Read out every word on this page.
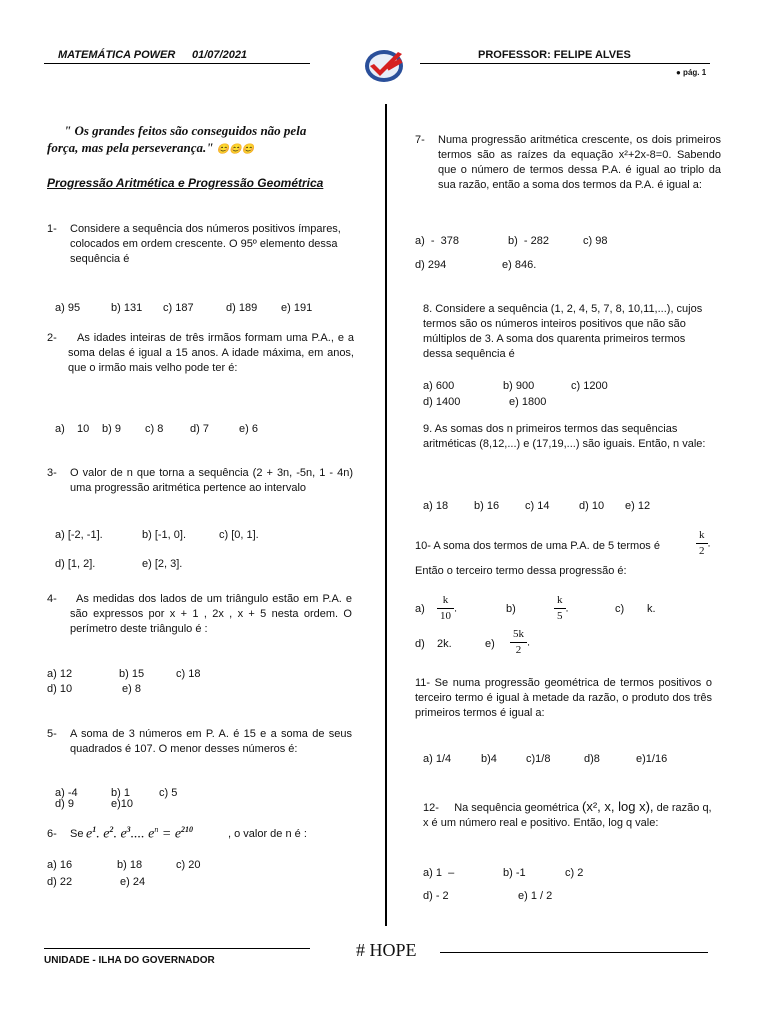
MATEMÁTICA POWER 01/07/2021	PROFESSOR: FELIPE ALVES
● pág. 1
" Os grandes feitos são conseguidos não pela
força, mas pela perseverança." 😊😊😊
Progressão Aritmética e Progressão Geométrica
1- Considere a sequência dos números positivos ímpares, colocados em ordem crescente. O 95º elemento dessa sequência é
a) 95	b) 131 c) 187	d) 189 e) 191
2-	As idades inteiras de três irmãos formam uma P.A., e a soma delas é igual a 15 anos. A idade máxima, em anos, que o irmão mais velho pode ter é:
a)    10 b) 9 c) 8 d) 7	e) 6
3- O valor de n que torna a sequência (2 + 3n, -5n, 1 - 4n) uma progressão aritmética pertence ao intervalo
a) [-2, -1].	b) [-1, 0].	c) [0, 1].
d) [1, 2].	e) [2, 3].
4-	As medidas dos lados de um triângulo estão em P.A. e são expressos por x + 1 , 2x , x + 5 nesta ordem. O perímetro deste triângulo é :
a) 12	b) 15	c) 18
d) 10	e) 8
5- A soma de 3 números em P. A. é 15 e a soma de seus quadrados é 107. O menor desses números é:
a) -4	b) 1	c) 5
d) 9	e)10
6- Se $e^1$. $e^2$. $e^3$.... $e^n = e^{210}$	, o valor de n é :
a) 16	b) 18	c) 20
d) 22	e) 24
7- Numa progressão aritmética crescente, os dois primeiros termos são as raízes da equação x²+2x-8=0. Sabendo que o número de termos dessa P.A. é igual ao triplo da sua razão, então a soma dos termos da P.A. é igual a:
a)  -  378	b)  - 282	c) 98
d) 294	e) 846.
8. Considere a sequência (1, 2, 4, 5, 7, 8, 10,11,...), cujos termos são os números inteiros positivos que não são múltiplos de 3. A soma dos quarenta primeiros termos dessa sequência é
a) 600	b) 900	c) 1200
d) 1400	e) 1800
9. As somas dos n primeiros termos das sequências aritméticas (8,12,...) e (17,19,...) são iguais. Então, n vale:
a) 18 b) 16 c) 14	d) 10 e) 12
10- A soma dos termos de uma P.A. de 5 termos é	$\frac{k}{2}$ .
Então o terceiro termo dessa progressão é:
$a) \frac{k}{10}$ .	b)	$\frac{k}{5}$ .	c) k.
d) 2k.	$e) \frac{5k}{2}$ .
11- Se numa progressão geométrica de termos positivos o terceiro termo é igual à metade da razão, o produto dos três primeiros termos é igual a:
a) 1/4	b)4	c)1/8	d)8	e)1/16
12- Na sequência geométrica (x², x, log x), de razão q, x é um número real e positivo. Então, log q vale:
a) 1  –	b) -1	c) 2
d) - 2	e) 1 / 2
# HOPE
UNIDADE - ILHA DO GOVERNADOR
